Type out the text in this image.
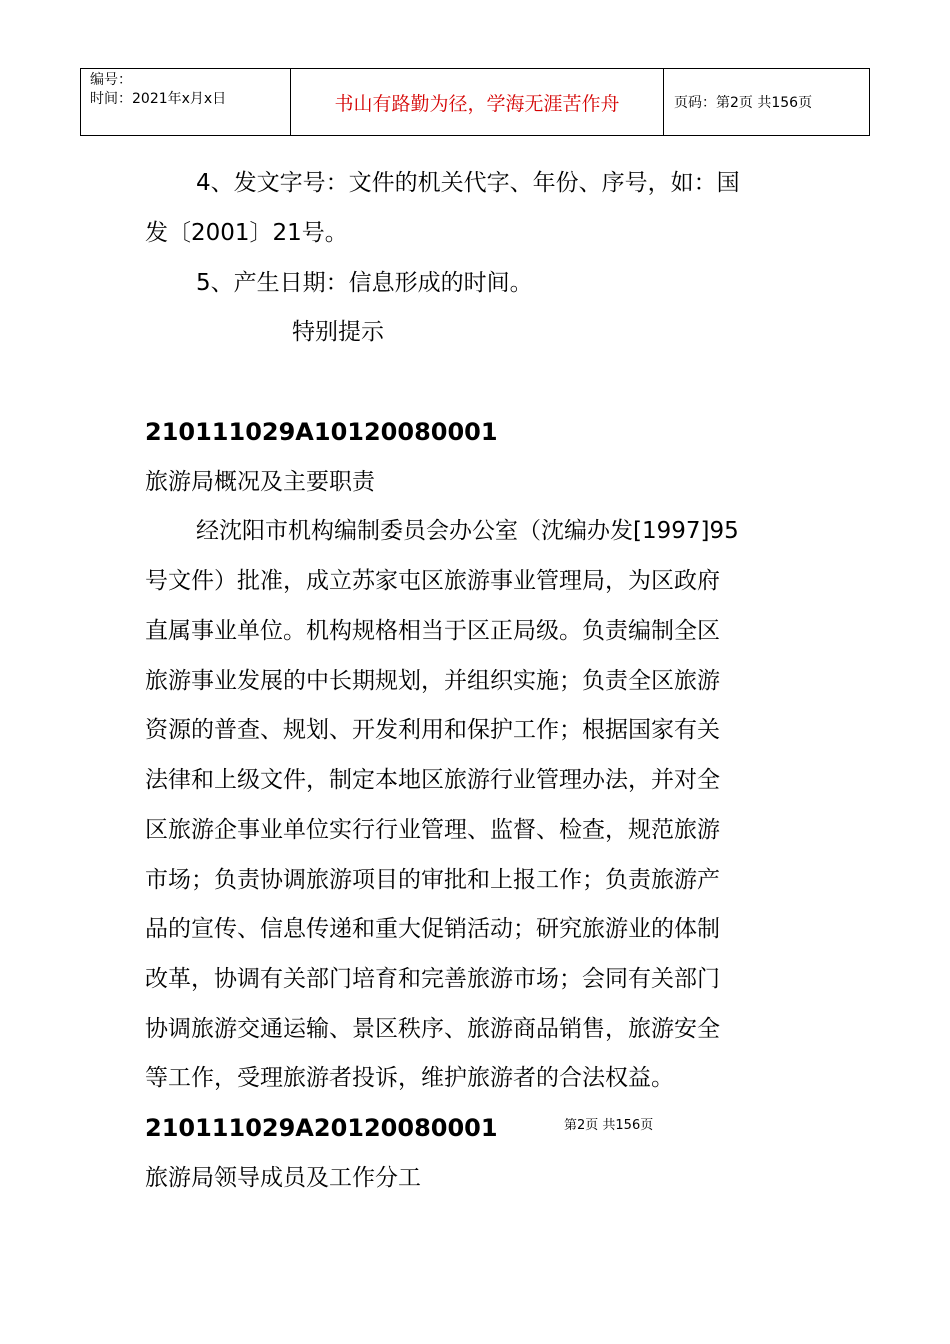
编号：
时间：2021年x月x日	书山有路勤为径，学海无涯苦作舟	页码：第2页 共156页
4、发文字号：文件的机关代字、年份、序号，如：国
发〔2001〕21号。
5、产生日期：信息形成的时间。
特别提示
210111029A10120080001
旅游局概况及主要职责
经沈阳市机构编制委员会办公室（沈编办发[1997]95
号文件）批准，成立苏家屯区旅游事业管理局，为区政府
直属事业单位。机构规格相当于区正局级。负责编制全区
旅游事业发展的中长期规划，并组织实施；负责全区旅游
资源的普查、规划、开发利用和保护工作；根据国家有关
法律和上级文件，制定本地区旅游行业管理办法，并对全
区旅游企事业单位实行行业管理、监督、检查，规范旅游
市场；负责协调旅游项目的审批和上报工作；负责旅游产
品的宣传、信息传递和重大促销活动；研究旅游业的体制
改革，协调有关部门培育和完善旅游市场；会同有关部门
协调旅游交通运输、景区秩序、旅游商品销售，旅游安全
等工作，受理旅游者投诉，维护旅游者的合法权益。
210111029A20120080001	第2页 共156页
旅游局领导成员及工作分工
